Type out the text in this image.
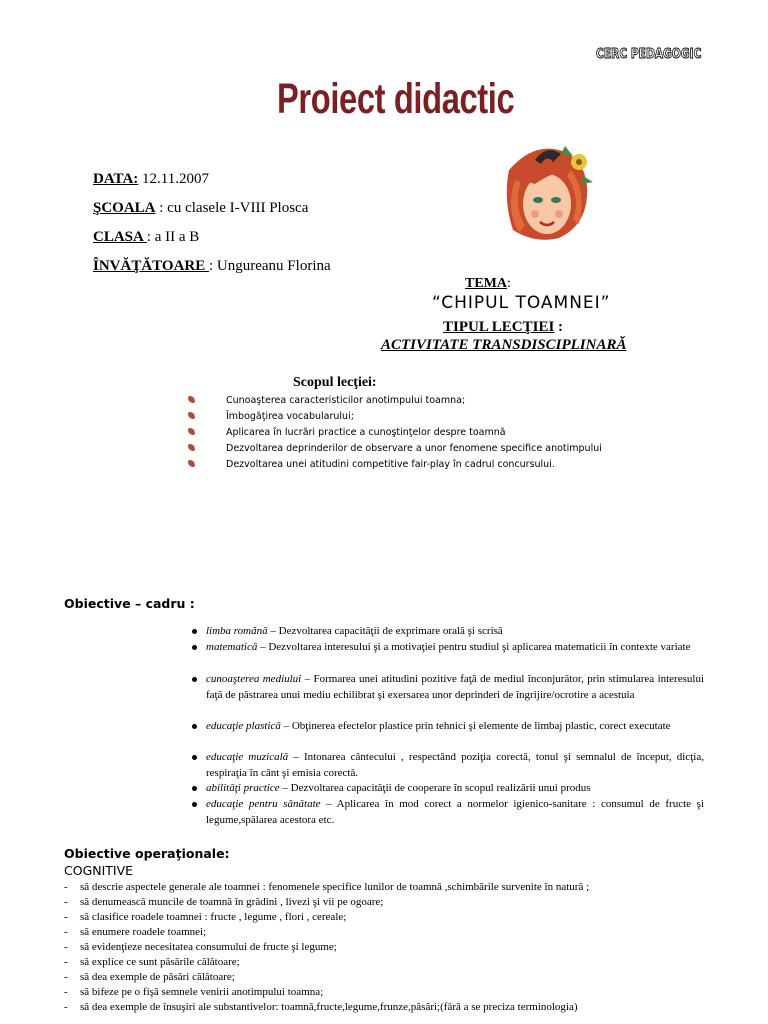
CERC PEDAGOGIC
Proiect didactic
DATA: 12.11.2007
ŞCOALA : cu clasele I-VIII Plosca
CLASA : a II a B
ÎNVĂŢĂTOARE : Ungureanu Florina
TEMA:
“CHIPUL TOAMNEI”
TIPUL LECŢIEI :
ACTIVITATE TRANSDISCIPLINARĂ
Scopul lecţiei:
Cunoaşterea caracteristicilor anotimpului toamna;
Îmbogăţirea vocabularului;
Aplicarea în lucrări practice a cunoştinţelor despre toamnă
Dezvoltarea deprinderilor de observare a unor fenomene specifice anotimpului
Dezvoltarea unei atitudini competitive fair-play în cadrul concursului.
Obiective – cadru :
limba română – Dezvoltarea capacităţii de exprimare orală şi scrisă
matematică – Dezvoltarea interesului şi a motivaţiei pentru studiul şi aplicarea matematicii în contexte variate
cunoaşterea mediului – Formarea unei atitudini pozitive faţă de mediul înconjurător, prin stimularea interesului faţă de păstrarea unui mediu echilibrat şi exersarea unor deprinderi de îngrijire/ocrotire a acestuia
educaţie plastică – Obţinerea efectelor plastice prin tehnici şi elemente de limbaj plastic, corect executate
educaţie muzicală – Intonarea cântecului , respectând poziţia corectă, tonul şi semnalul de început, dicţia, respiraţia în cânt şi emisia corectă.
abilităţi practice – Dezvoltarea capacităţii de cooperare în scopul realizării unui produs
educaţie pentru sănătate – Aplicarea în mod corect a normelor igienico-sanitare : consumul de fructe şi legume,spălarea acestora etc.
Obiective operaţionale:
COGNITIVE
- să descrie aspectele generale ale toamnei : fenomenele specifice lunilor de toamnă ,schimbările survenite în natură ;
- să denumească muncile de toamnă în grădini , livezi şi vii pe ogoare;
- să clasifice roadele toamnei : fructe , legume , flori , cereale;
- să enumere roadele toamnei;
- să evidenţieze necesitatea consumului de fructe şi legume;
- să explice ce sunt păsările călătoare;
- să dea exemple de păsări călătoare;
- să bifeze pe o fişă semnele venirii anotimpului toamna;
- să dea exemple de însuşiri ale substantivelor: toamnă,fructe,legume,frunze,păsări;(fără a se preciza terminologia)
